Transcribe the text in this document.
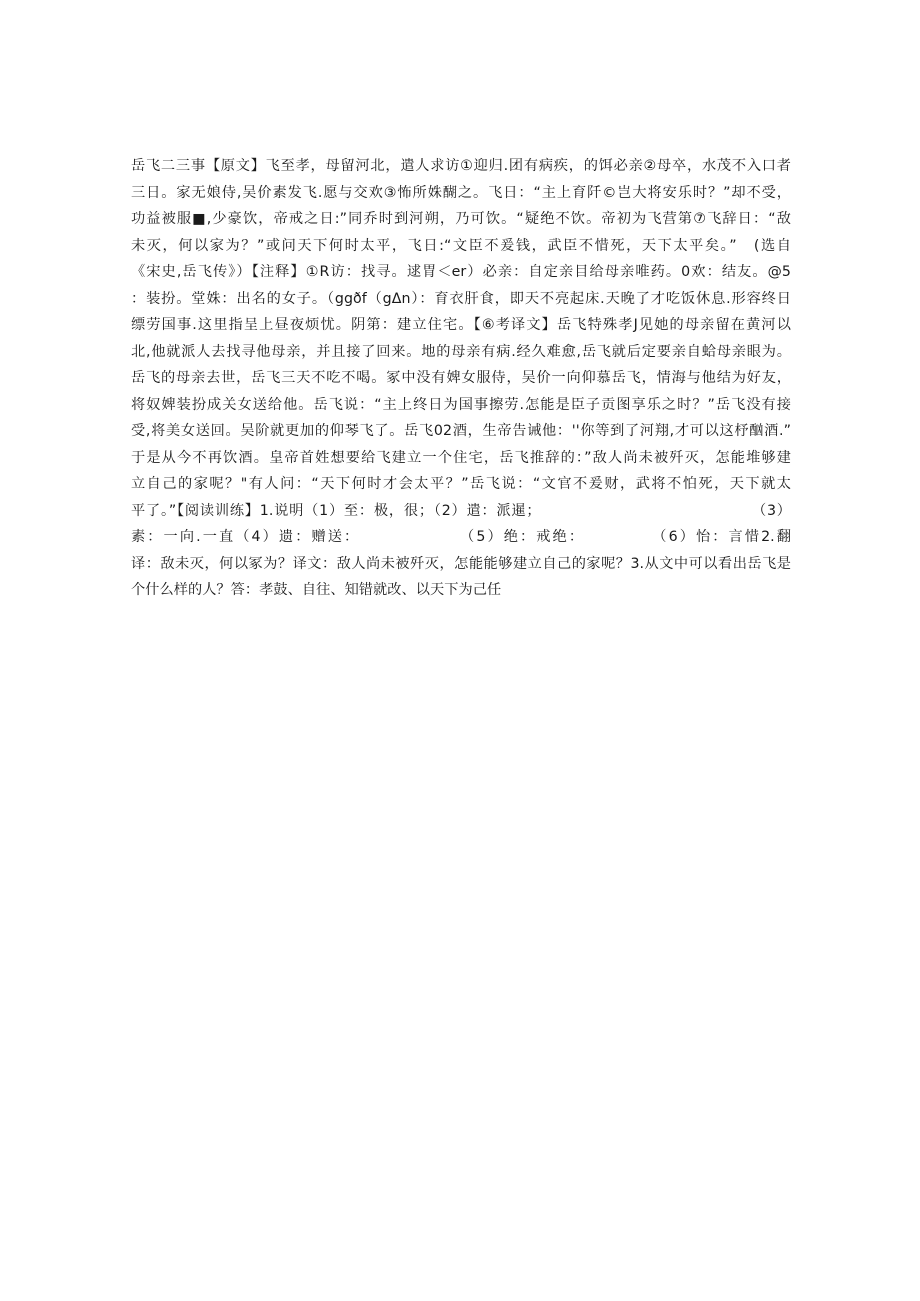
岳飞二三事【原文】飞至孝，母留河北，遣人求访①迎归.团有病疾，的饵必亲②母卒，水茂不入口者
三日。家无娘侍,吴价素发飞.愿与交欢③怖所姝醐之。飞日：“主上育阡©岂大将安乐时？”却不受，
功益被服■,少豪饮，帝戒之日:”同乔时到河朔，乃可饮。“疑绝不饮。帝初为飞营第⑦飞辞日：“敌
未灭，何以家为？”或问天下何时太平，飞日:“文臣不爰钱，武臣不惜死，天下太平矣。”　(选自
《宋史,岳飞传》）【注释】①R访：找寻。逑胃＜er）必亲：自定亲目给母亲唯药。0欢：结友。@5
：装扮。堂姝：出名的女子。（ggðf（gΔn）：育衣肝食，即天不亮起床.天晚了才吃饭休息.形容终日
缥劳国事.这里指呈上昼夜烦忧。阴第：建立住宅。【⑥考译文】岳飞特殊孝J见她的母亲留在黄河以
北,他就派人去找寻他母亲，并且接了回来。地的母亲有病.经久难愈,岳飞就后定要亲自蛤母亲眼为。
岳飞的母亲去世，岳飞三天不吃不喝。冢中没有婢女服侍，吴价一向仰慕岳飞，情海与他结为好友，
将奴婢装扮成关女送给他。岳飞说：“主上终日为国事擦劳.怎能是臣子贡图享乐之时？”岳飞没有接
受,将美女送回。吴阶就更加的仰琴飞了。岳飞02酒，生帝告诫他：''你等到了河翔,才可以这杼酗酒.”
于是从今不再饮酒。皇帝首姓想要给飞建立一个住宅，岳飞推辞的：”敌人尚未被歼灭，怎能堆够建
立自己的家呢？"有人问：“天下何时才会太平？”岳飞说：“文官不爰财，武将不怕死，天下就太
平了。”【阅读训练】1.说明（1）至：极，很；（2）遣：派暹；　　　　　　　　　　　　　　　（3）
素：一向.一直（4）遗：赠送：　　　　　　　（5）绝：戒绝：　　　　　（6）怡：言惜2.翻
译：敌未灭，何以冢为？译文：敌人尚未被歼灭，怎能能够建立自己的家呢？3.从文中可以看出岳飞是
个什么样的人？答：孝鼓、自往、知错就改、以天下为己任
